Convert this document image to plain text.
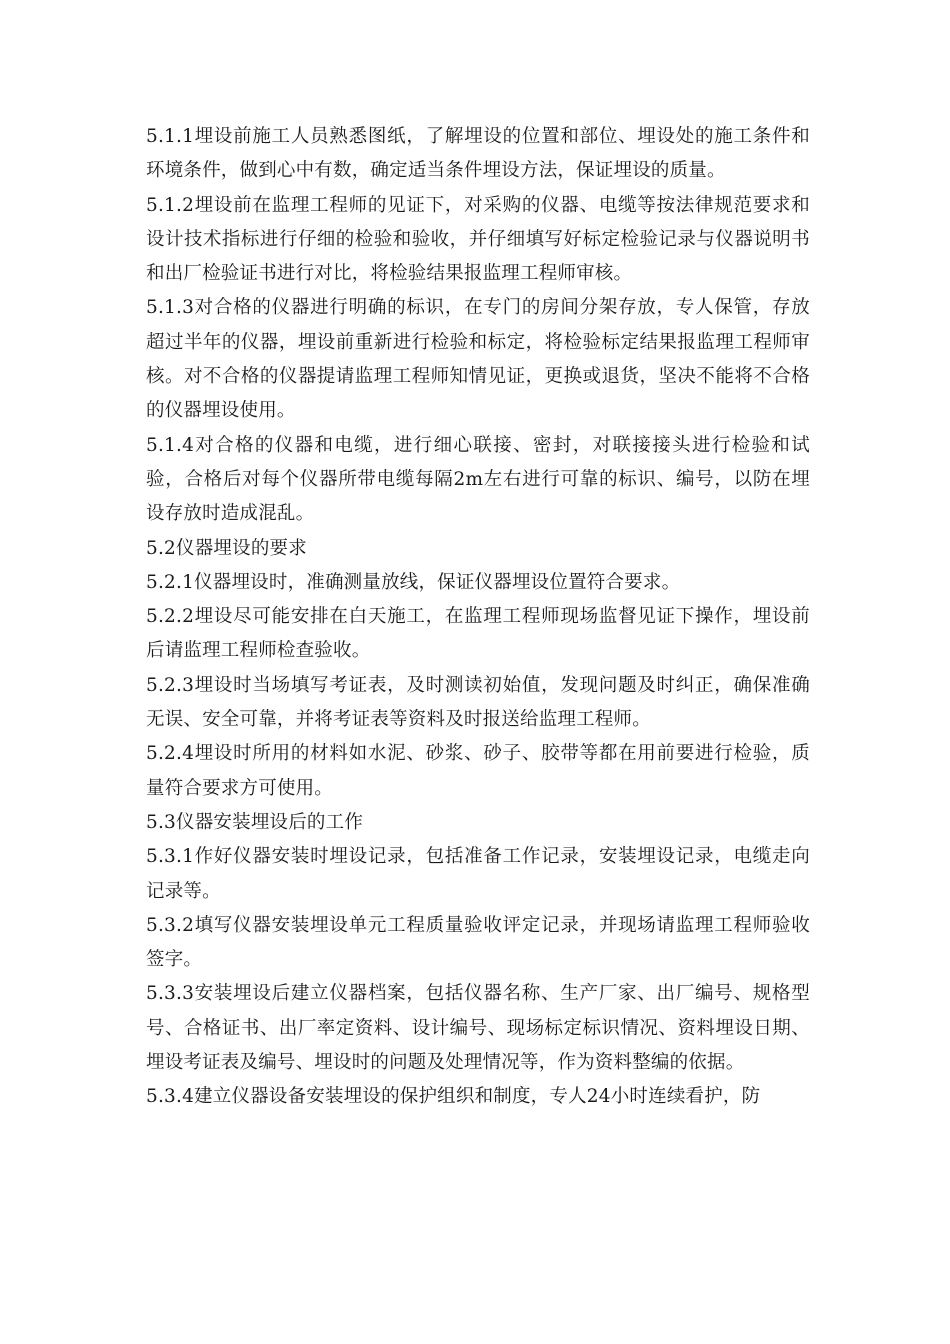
5.1.1埋设前施工人员熟悉图纸，了解埋设的位置和部位、埋设处的施工条件和环境条件，做到心中有数，确定适当条件埋设方法，保证埋设的质量。

5.1.2埋设前在监理工程师的见证下，对采购的仪器、电缆等按法律规范要求和设计技术指标进行仔细的检验和验收，并仔细填写好标定检验记录与仪器说明书和出厂检验证书进行对比，将检验结果报监理工程师审核。

5.1.3对合格的仪器进行明确的标识，在专门的房间分架存放，专人保管，存放超过半年的仪器，埋设前重新进行检验和标定，将检验标定结果报监理工程师审核。对不合格的仪器提请监理工程师知情见证，更换或退货，坚决不能将不合格的仪器埋设使用。

5.1.4对合格的仪器和电缆，进行细心联接、密封，对联接接头进行检验和试验，合格后对每个仪器所带电缆每隔2m左右进行可靠的标识、编号，以防在埋设存放时造成混乱。

5.2仪器埋设的要求

5.2.1仪器埋设时，准确测量放线，保证仪器埋设位置符合要求。

5.2.2埋设尽可能安排在白天施工，在监理工程师现场监督见证下操作，埋设前后请监理工程师检查验收。

5.2.3埋设时当场填写考证表，及时测读初始值，发现问题及时纠正，确保准确无误、安全可靠，并将考证表等资料及时报送给监理工程师。

5.2.4埋设时所用的材料如水泥、砂浆、砂子、胶带等都在用前要进行检验，质量符合要求方可使用。

5.3仪器安装埋设后的工作

5.3.1作好仪器安装时埋设记录，包括准备工作记录，安装埋设记录，电缆走向记录等。

5.3.2填写仪器安装埋设单元工程质量验收评定记录，并现场请监理工程师验收签字。

5.3.3安装埋设后建立仪器档案，包括仪器名称、生产厂家、出厂编号、规格型号、合格证书、出厂率定资料、设计编号、现场标定标识情况、资料埋设日期、埋设考证表及编号、埋设时的问题及处理情况等，作为资料整编的依据。

5.3.4建立仪器设备安装埋设的保护组织和制度，专人24小时连续看护，防
